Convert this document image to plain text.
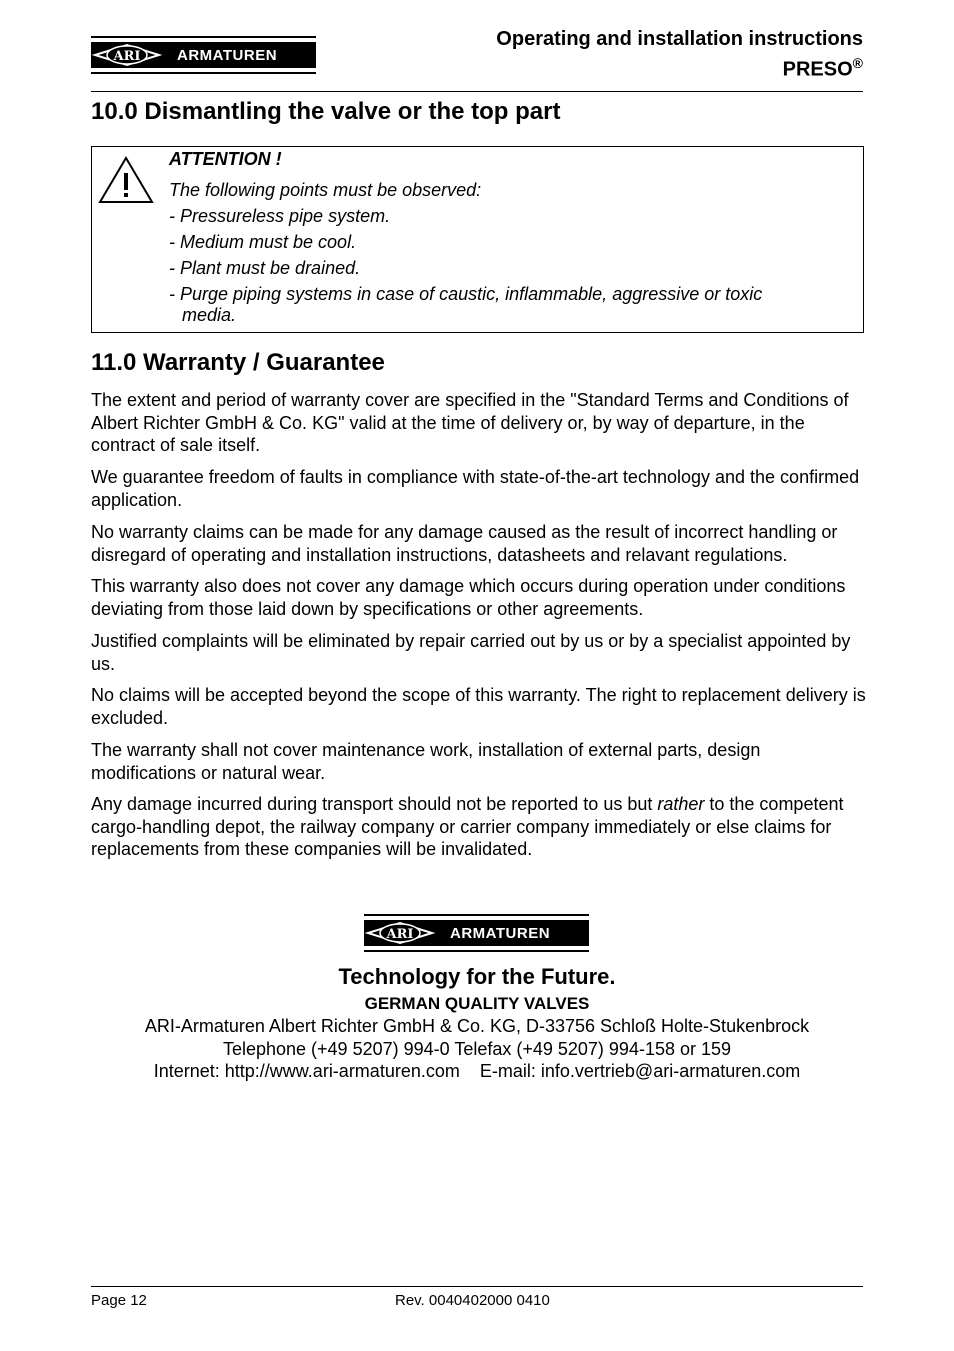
ARI ARMATUREN
Operating and installation instructions
PRESO®
10.0 Dismantling the valve or the top part
ATTENTION !
The following points must be observed:
- Pressureless pipe system.
- Medium must be cool.
- Plant must be drained.
- Purge piping systems in case of caustic, inflammable, aggressive or toxic
media.
11.0 Warranty / Guarantee

The extent and period of warranty cover are specified in the "Standard Terms and Conditions of Albert Richter GmbH & Co. KG" valid at the time of delivery or, by way of departure, in the contract of sale itself.

We guarantee freedom of faults in compliance with state-of-the-art technology and the confirmed application.

No warranty claims can be made for any damage caused as the result of incorrect handling or disregard of operating and installation instructions, datasheets and relavant regulations.

This warranty also does not cover any damage which occurs during operation under conditions deviating from those laid down by specifications or other agreements.

Justified complaints will be eliminated by repair carried out by us or by a specialist appointed by us.

No claims will be accepted beyond the scope of this warranty. The right to replacement delivery is excluded.

The warranty shall not cover maintenance work, installation of external parts, design modifications or natural wear.

Any damage incurred during transport should not be reported to us but rather to the competent cargo-handling depot, the railway company or carrier company immediately or else claims for replacements from these companies will be invalidated.

ARI ARMATUREN
Technology for the Future.
GERMAN QUALITY VALVES
ARI-Armaturen Albert Richter GmbH & Co. KG, D-33756 Schloß Holte-Stukenbrock
Telephone (+49 5207) 994-0 Telefax (+49 5207) 994-158 or 159
Internet: http://www.ari-armaturen.com E-mail: info.vertrieb@ari-armaturen.com
Page 12	Rev. 0040402000 0410
